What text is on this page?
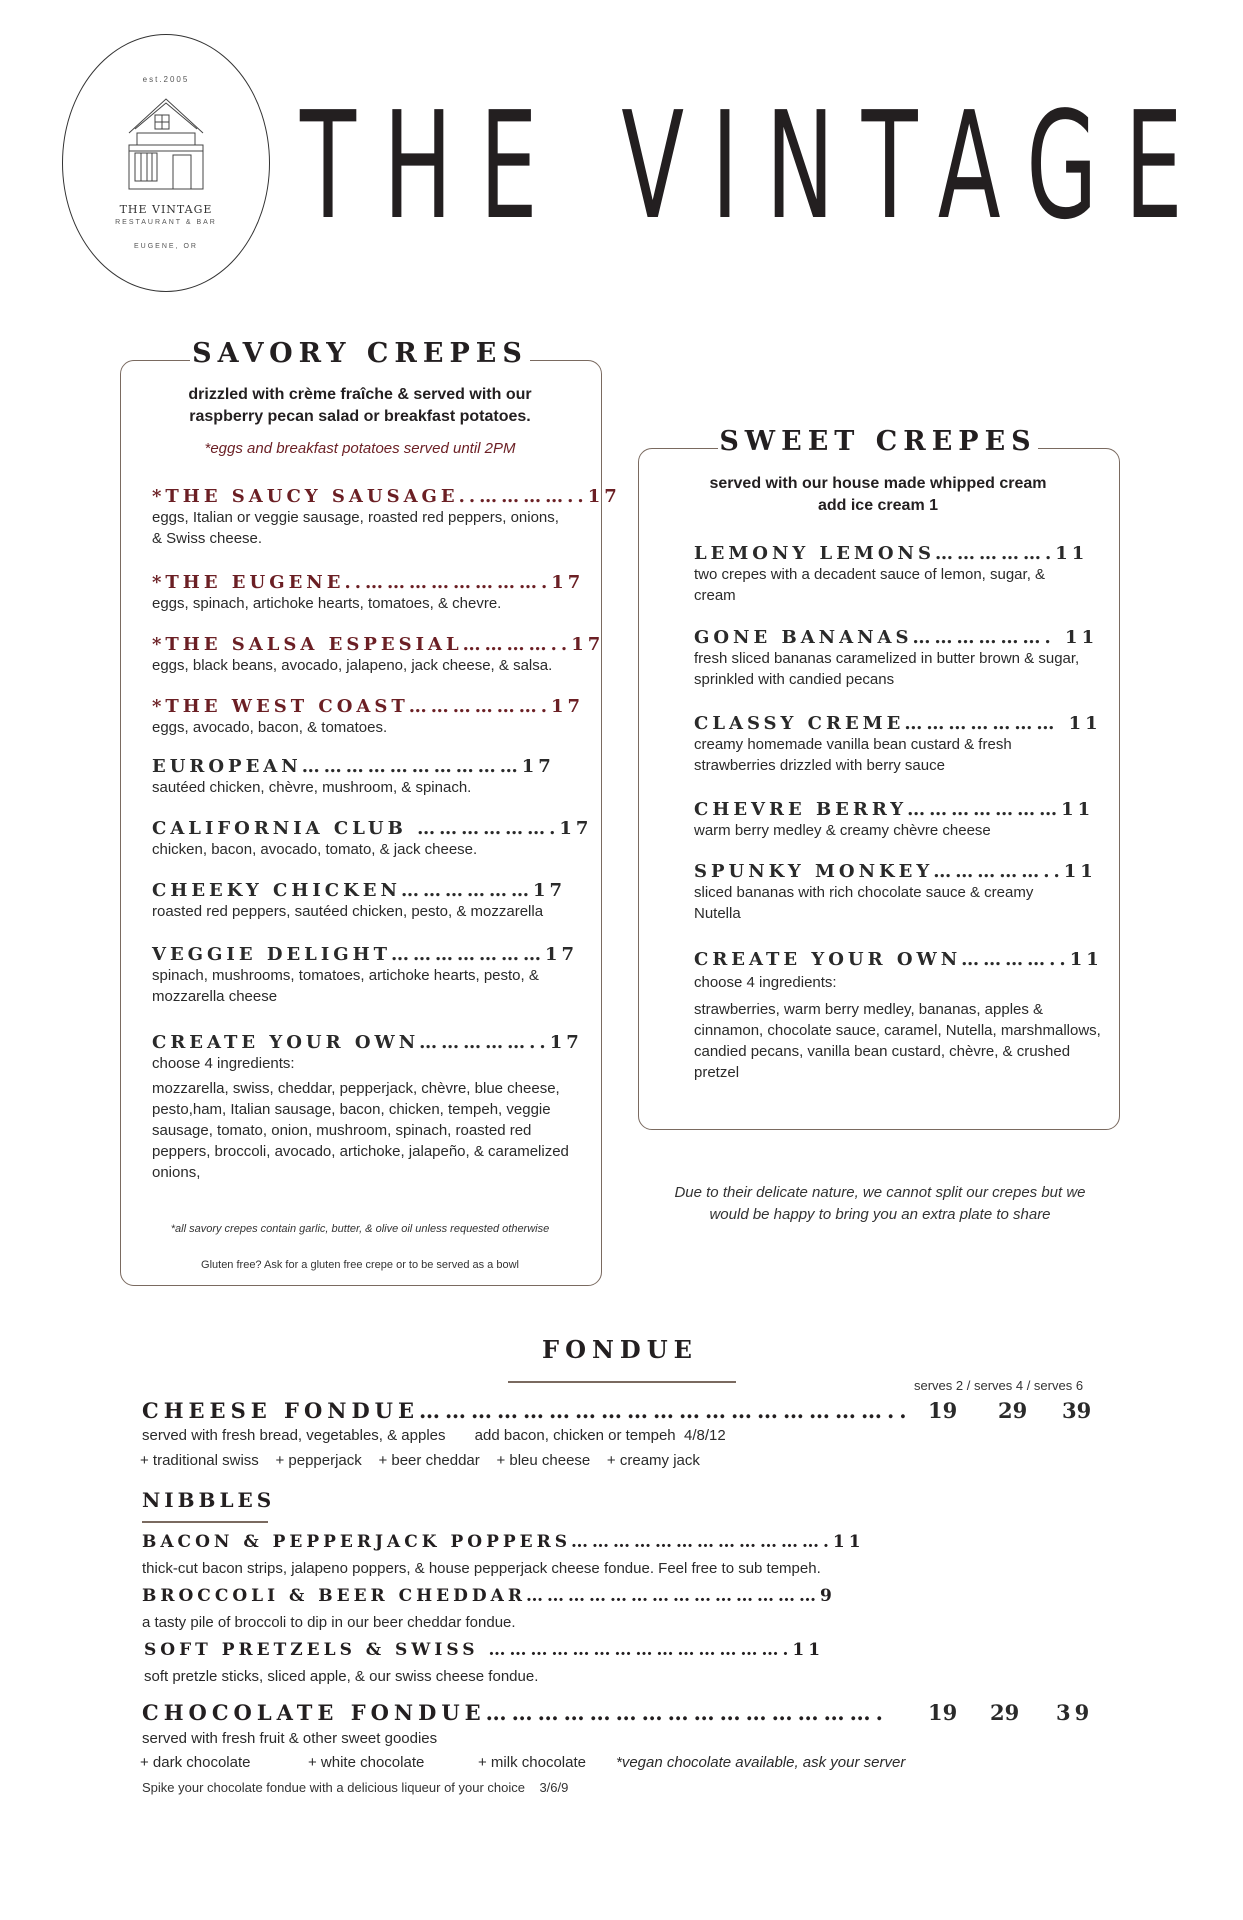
est.2005
THE VINTAGE
RESTAURANT & BAR
EUGENE, OR THE VINTAGE
SAVORY CREPES
drizzled with crème fraîche & served with our raspberry pecan salad or breakfast potatoes.
*eggs and breakfast potatoes served until 2PM
*THE SAUCY SAUSAGE..…………..17
eggs, Italian or veggie sausage, roasted red peppers, onions, & Swiss cheese.
*THE EUGENE..…………………….17
eggs, spinach, artichoke hearts, tomatoes, & chevre.
*THE SALSA ESPESIAL…………..17
eggs, black beans, avocado, jalapeno, jack cheese, & salsa.
*THE WEST COAST……………….17
eggs, avocado, bacon, & tomatoes.
EUROPEAN…………………………17
sautéed chicken, chèvre, mushroom, & spinach.
CALIFORNIA CLUB ……………….17
chicken, bacon, avocado, tomato, & jack cheese.
CHEEKY CHICKEN………………17
roasted red peppers, sautéed chicken, pesto, & mozzarella
VEGGIE DELIGHT…………………17
spinach, mushrooms, tomatoes, artichoke hearts, pesto, & mozzarella cheese
CREATE YOUR OWN……………..17
choose 4 ingredients:
mozzarella, swiss, cheddar, pepperjack, chèvre, blue cheese, pesto,ham, Italian sausage, bacon, chicken, tempeh, veggie sausage, tomato, onion, mushroom, spinach, roasted red peppers, broccoli, avocado, artichoke, jalapeño, & caramelized onions,
*all savory crepes contain garlic, butter, & olive oil unless requested otherwise
Gluten free? Ask for a gluten free crepe or to be served as a bowl
SWEET CREPES
served with our house made whipped cream
add ice cream 1
LEMONY LEMONS…………….11
two crepes with a decadent sauce of lemon, sugar, & cream
GONE BANANAS………………. 11
fresh sliced bananas caramelized in butter brown & sugar, sprinkled with candied pecans
CLASSY CREME………………… 11
creamy homemade vanilla bean custard & fresh strawberries drizzled with berry sauce
CHEVRE BERRY…………………11
warm berry medley & creamy chèvre cheese
SPUNKY MONKEY……………..11
sliced bananas with rich chocolate sauce & creamy Nutella
CREATE YOUR OWN…………..11
choose 4 ingredients:
strawberries, warm berry medley, bananas, apples & cinnamon, chocolate sauce, caramel, Nutella, marshmallows, candied pecans, vanilla bean custard, chèvre, & crushed pretzel
Due to their delicate nature, we cannot split our crepes but we would be happy to bring you an extra plate to share
FONDUE
serves 2 / serves 4 / serves 6
CHEESE FONDUE……………………………………………….. 19 29 39
served with fresh bread, vegetables, & apples       add bacon, chicken or tempeh  4/8/12
+ traditional swiss    + pepperjack    + beer cheddar    + bleu cheese    + creamy jack
NIBBLES
BACON & PEPPERJACK POPPERS……………………………….11
thick-cut bacon strips, jalapeno poppers, & house pepperjack cheese fondue. Feel free to sub tempeh.
BROCCOLI & BEER CHEDDAR……………………………………9
a tasty pile of broccoli to dip in our beer cheddar fondue.
SOFT PRETZELS & SWISS …………………………………….11
soft pretzle sticks, sliced apple, & our swiss cheese fondue.
CHOCOLATE FONDUE………………………………………. 19 29 39
served with fresh fruit & other sweet goodies
+ dark chocolate	+ white chocolate	+ milk chocolate *vegan chocolate available, ask your server
Spike your chocolate fondue with a delicious liqueur of your choice    3/6/9
